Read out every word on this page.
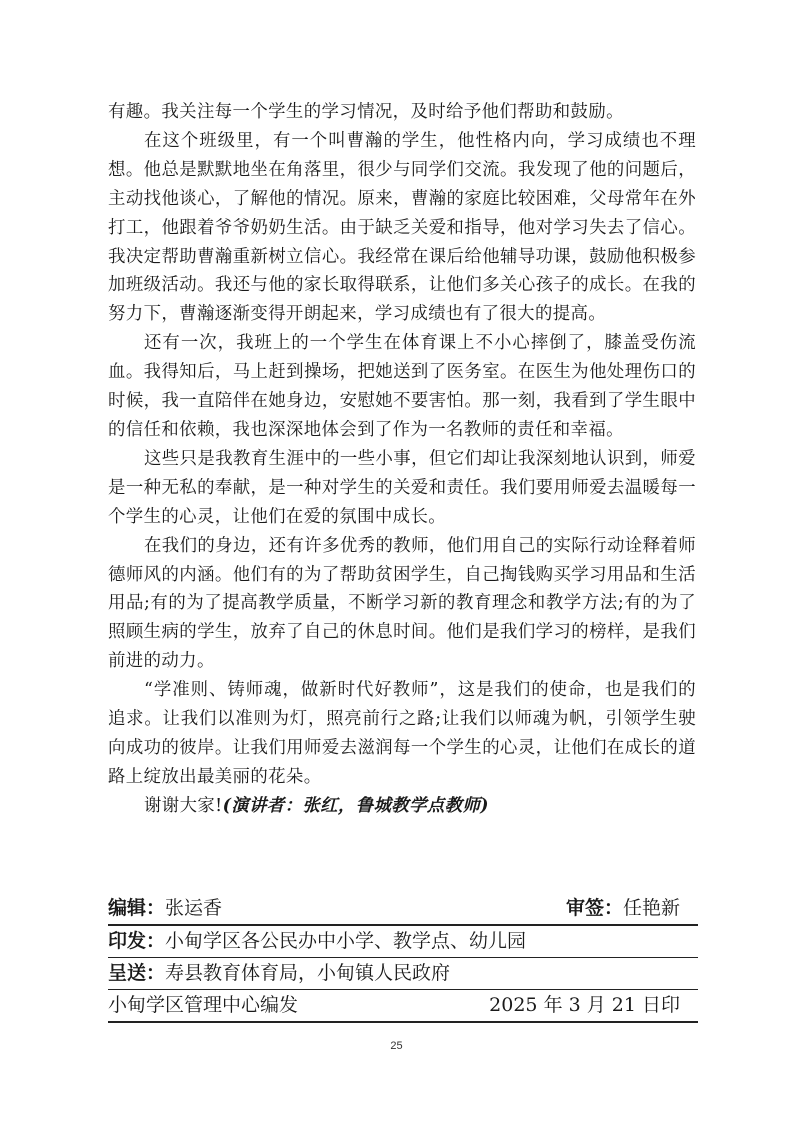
有趣。我关注每一个学生的学习情况，及时给予他们帮助和鼓励。

在这个班级里，有一个叫曹瀚的学生，他性格内向，学习成绩也不理想。他总是默默地坐在角落里，很少与同学们交流。我发现了他的问题后，主动找他谈心，了解他的情况。原来，曹瀚的家庭比较困难，父母常年在外打工，他跟着爷爷奶奶生活。由于缺乏关爱和指导，他对学习失去了信心。我决定帮助曹瀚重新树立信心。我经常在课后给他辅导功课，鼓励他积极参加班级活动。我还与他的家长取得联系，让他们多关心孩子的成长。在我的努力下，曹瀚逐渐变得开朗起来，学习成绩也有了很大的提高。

还有一次，我班上的一个学生在体育课上不小心摔倒了，膝盖受伤流血。我得知后，马上赶到操场，把她送到了医务室。在医生为他处理伤口的时候，我一直陪伴在她身边，安慰她不要害怕。那一刻，我看到了学生眼中的信任和依赖，我也深深地体会到了作为一名教师的责任和幸福。

这些只是我教育生涯中的一些小事，但它们却让我深刻地认识到，师爱是一种无私的奉献，是一种对学生的关爱和责任。我们要用师爱去温暖每一个学生的心灵，让他们在爱的氛围中成长。

在我们的身边，还有许多优秀的教师，他们用自己的实际行动诠释着师德师风的内涵。他们有的为了帮助贫困学生，自己掏钱购买学习用品和生活用品;有的为了提高教学质量，不断学习新的教育理念和教学方法;有的为了照顾生病的学生，放弃了自己的休息时间。他们是我们学习的榜样，是我们前进的动力。

“学准则、铸师魂，做新时代好教师”，这是我们的使命，也是我们的追求。让我们以准则为灯，照亮前行之路;让我们以师魂为帆，引领学生驶向成功的彼岸。让我们用师爱去滋润每一个学生的心灵，让他们在成长的道路上绽放出最美丽的花朵。

谢谢大家!(演讲者：张红，鲁城教学点教师)

编辑：张运香	审签：任艳新
印发：小甸学区各公民办中小学、教学点、幼儿园
呈送：寿县教育体育局，小甸镇人民政府
小甸学区管理中心编发	2025 年 3 月 21 日印
25
